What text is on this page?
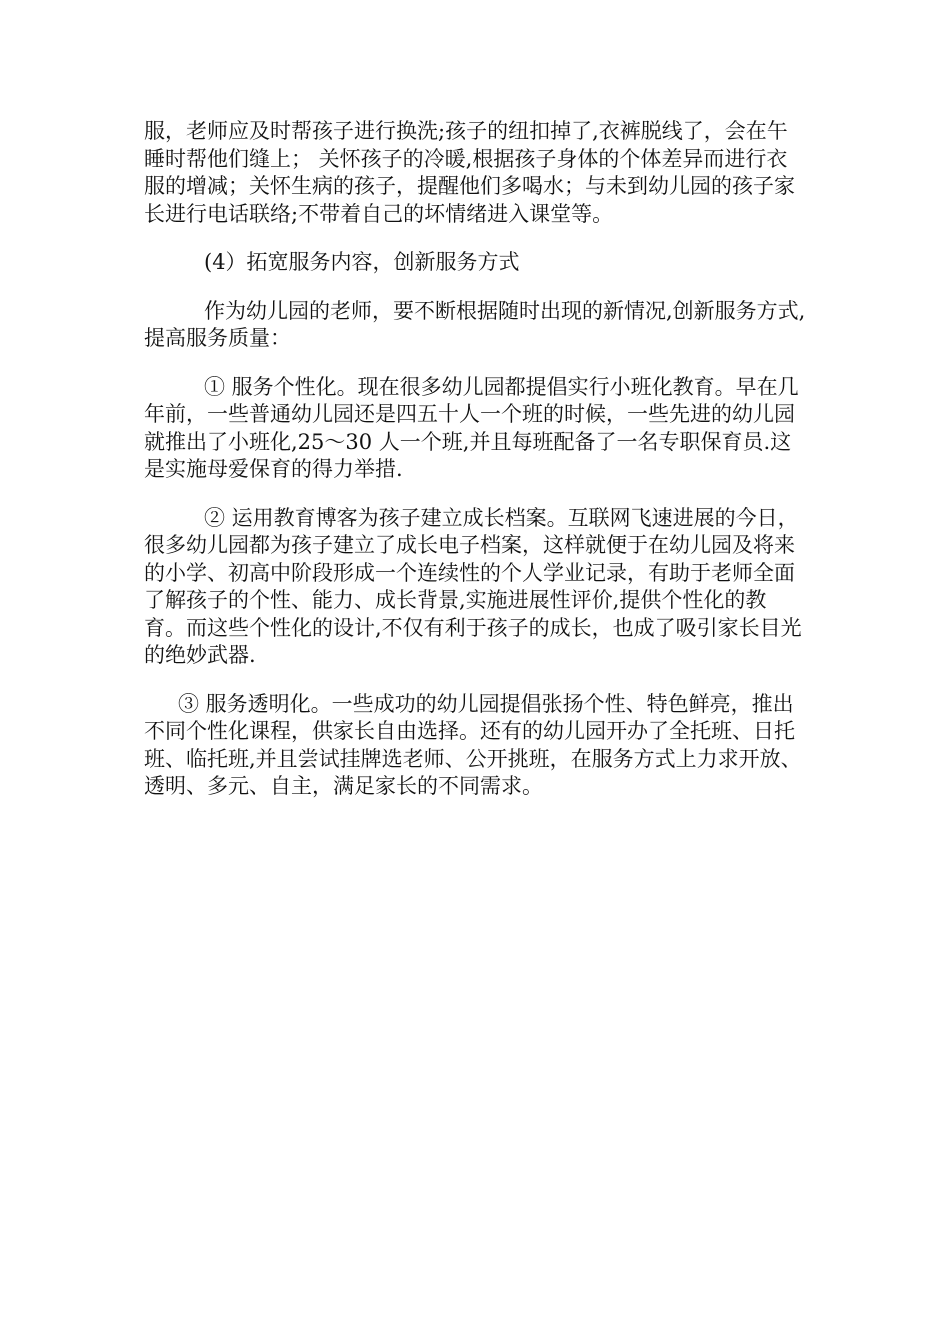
服，老师应及时帮孩子进行换洗;孩子的纽扣掉了,衣裤脱线了，会在午睡时帮他们缝上； 关怀孩子的冷暖,根据孩子身体的个体差异而进行衣服的增减；关怀生病的孩子，提醒他们多喝水；与未到幼儿园的孩子家长进行电话联络;不带着自己的坏情绪进入课堂等。

(4）拓宽服务内容，创新服务方式

作为幼儿园的老师，要不断根据随时出现的新情况,创新服务方式,提高服务质量：

① 服务个性化。现在很多幼儿园都提倡实行小班化教育。早在几年前，一些普通幼儿园还是四五十人一个班的时候，一些先进的幼儿园就推出了小班化,25～30 人一个班,并且每班配备了一名专职保育员.这是实施母爱保育的得力举措.

② 运用教育博客为孩子建立成长档案。互联网飞速进展的今日，很多幼儿园都为孩子建立了成长电子档案，这样就便于在幼儿园及将来的小学、初高中阶段形成一个连续性的个人学业记录，有助于老师全面了解孩子的个性、能力、成长背景,实施进展性评价,提供个性化的教育。而这些个性化的设计,不仅有利于孩子的成长，也成了吸引家长目光的绝妙武器.

③ 服务透明化。一些成功的幼儿园提倡张扬个性、特色鲜亮，推出不同个性化课程，供家长自由选择。还有的幼儿园开办了全托班、日托班、临托班,并且尝试挂牌选老师、公开挑班，在服务方式上力求开放、透明、多元、自主，满足家长的不同需求。
